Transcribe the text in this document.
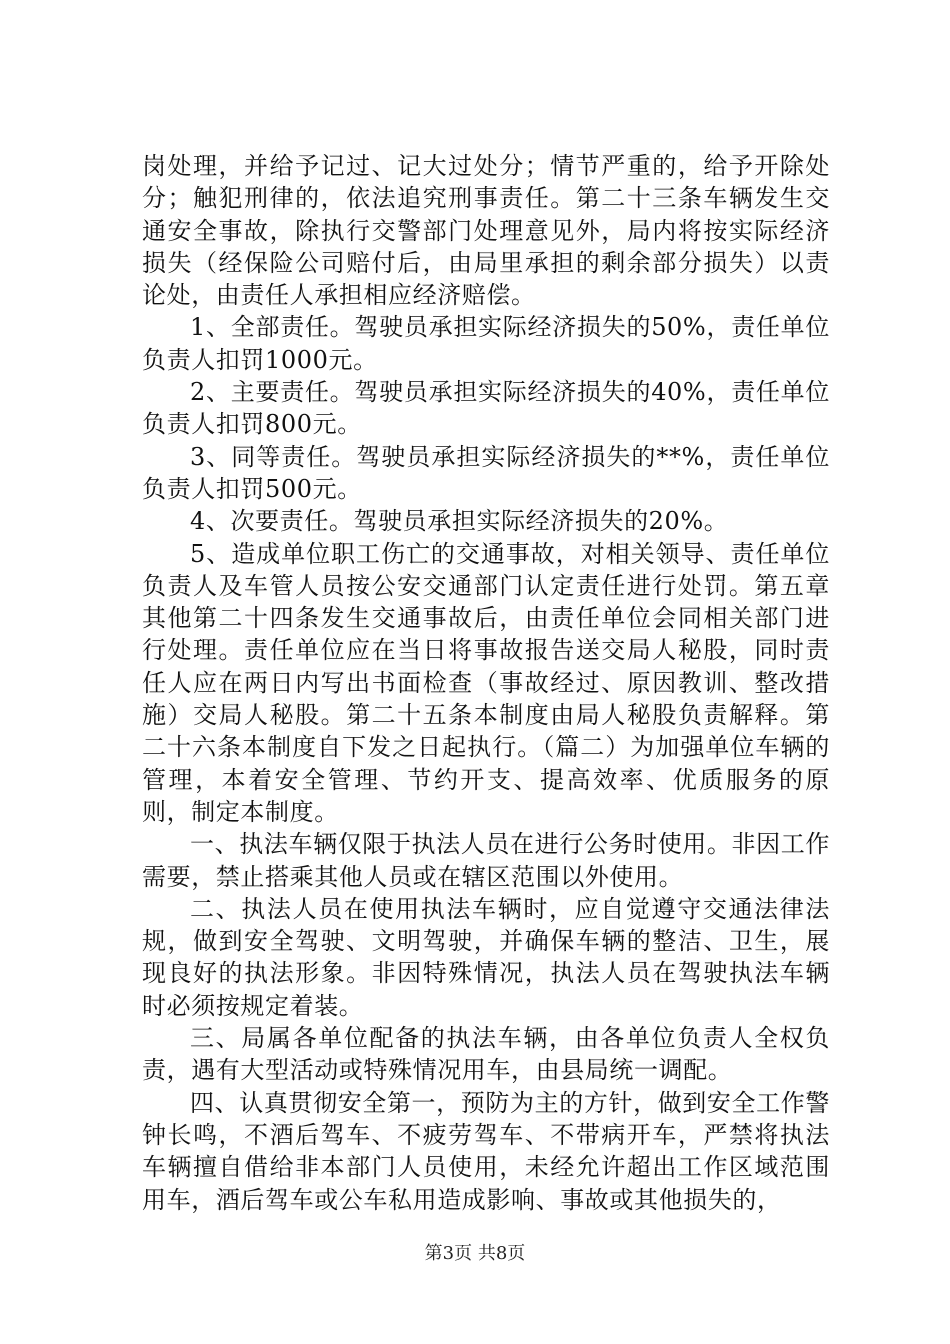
岗处理，并给予记过、记大过处分；情节严重的，给予开除处分；触犯刑律的，依法追究刑事责任。第二十三条车辆发生交通安全事故，除执行交警部门处理意见外，局内将按实际经济损失（经保险公司赔付后，由局里承担的剩余部分损失）以责论处，由责任人承担相应经济赔偿。

1、全部责任。驾驶员承担实际经济损失的50%，责任单位负责人扣罚1000元。

2、主要责任。驾驶员承担实际经济损失的40%，责任单位负责人扣罚800元。

3、同等责任。驾驶员承担实际经济损失的**%，责任单位负责人扣罚500元。

4、次要责任。驾驶员承担实际经济损失的20%。

5、造成单位职工伤亡的交通事故，对相关领导、责任单位负责人及车管人员按公安交通部门认定责任进行处罚。第五章其他第二十四条发生交通事故后，由责任单位会同相关部门进行处理。责任单位应在当日将事故报告送交局人秘股，同时责任人应在两日内写出书面检查（事故经过、原因教训、整改措施）交局人秘股。第二十五条本制度由局人秘股负责解释。第二十六条本制度自下发之日起执行。（篇二）为加强单位车辆的管理，本着安全管理、节约开支、提高效率、优质服务的原则，制定本制度。

一、执法车辆仅限于执法人员在进行公务时使用。非因工作需要，禁止搭乘其他人员或在辖区范围以外使用。

二、执法人员在使用执法车辆时，应自觉遵守交通法律法规，做到安全驾驶、文明驾驶，并确保车辆的整洁、卫生，展现良好的执法形象。非因特殊情况，执法人员在驾驶执法车辆时必须按规定着装。

三、局属各单位配备的执法车辆，由各单位负责人全权负责，遇有大型活动或特殊情况用车，由县局统一调配。

四、认真贯彻安全第一，预防为主的方针，做到安全工作警钟长鸣，不酒后驾车、不疲劳驾车、不带病开车，严禁将执法车辆擅自借给非本部门人员使用，未经允许超出工作区域范围用车，酒后驾车或公车私用造成影响、事故或其他损失的，

第3页 共8页
